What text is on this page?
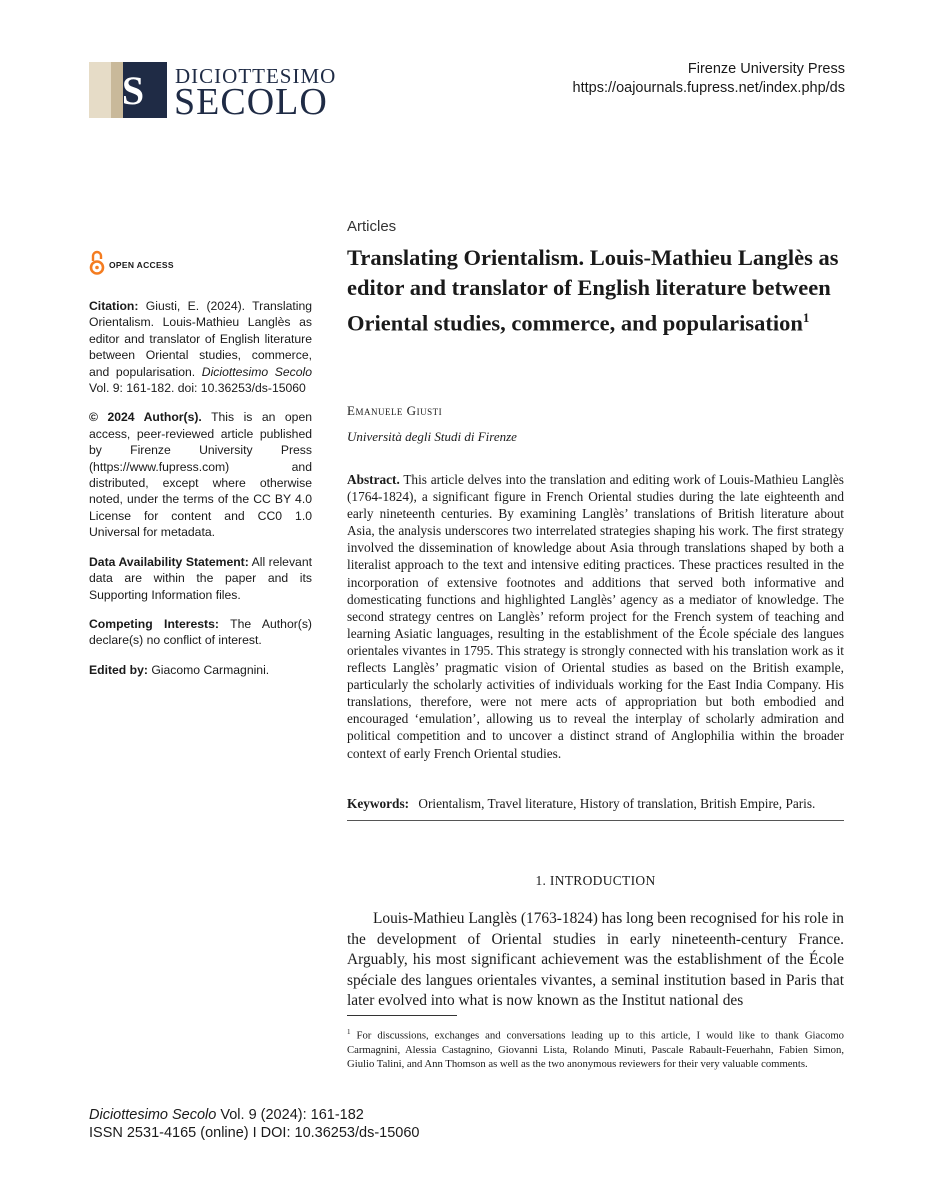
S DICIOTTESIMO
SECOLO
Firenze University Press
https://oajournals.fupress.net/index.php/ds
OPEN ACCESS

Citation: Giusti, E. (2024). Translating Orientalism. Louis-Mathieu Langlès as editor and translator of English literature between Oriental studies, commerce, and popularisation. Diciottesimo Secolo Vol. 9: 161-182. doi: 10.36253/ds-15060

© 2024 Author(s). This is an open access, peer-reviewed article published by Firenze University Press (https://www.fupress.com) and distributed, except where otherwise noted, under the terms of the CC BY 4.0 License for content and CC0 1.0 Universal for metadata.

Data Availability Statement: All relevant data are within the paper and its Supporting Information files.

Competing Interests: The Author(s) declare(s) no conflict of interest.

Edited by: Giacomo Carmagnini.

Articles
Translating Orientalism. Louis-Mathieu Langlès as editor and translator of English literature between Oriental studies, commerce, and popularisation$^1$
Emanuele Giusti
Università degli Studi di Firenze

Abstract. This article delves into the translation and editing work of Louis-Mathieu Langlès (1764-1824), a significant figure in French Oriental studies during the late eighteenth and early nineteenth centuries. By examining Langlès’ translations of British literature about Asia, the analysis underscores two interrelated strategies shaping his work. The first strategy involved the dissemination of knowledge about Asia through translations shaped by both a literalist approach to the text and intensive editing practices. These practices resulted in the incorporation of extensive footnotes and additions that served both informative and domesticating functions and highlighted Langlès’ agency as a mediator of knowledge. The second strategy centres on Langlès’ reform project for the French system of teaching and learning Asiatic languages, resulting in the establishment of the École spéciale des langues orientales vivantes in 1795. This strategy is strongly connected with his translation work as it reflects Langlès’ pragmatic vision of Oriental studies as based on the British example, particularly the scholarly activities of individuals working for the East India Company. His translations, therefore, were not mere acts of appropriation but both embodied and encouraged ‘emulation’, allowing us to reveal the interplay of scholarly admiration and political competition and to uncover a distinct strand of Anglophilia within the broader context of early French Oriental studies.

Keywords: Orientalism, Travel literature, History of translation, British Empire, Paris.
1. INTRODUCTION

Louis-Mathieu Langlès (1763-1824) has long been recognised for his role in the development of Oriental studies in early nineteenth-century France. Arguably, his most significant achievement was the establishment of the École spéciale des langues orientales vivantes, a seminal institution based in Paris that later evolved into what is now known as the Institut national des

$^1$ For discussions, exchanges and conversations leading up to this article, I would like to thank Giacomo Carmagnini, Alessia Castagnino, Giovanni Lista, Rolando Minuti, Pascale Rabault-Feuerhahn, Fabien Simon, Giulio Talini, and Ann Thomson as well as the two anonymous reviewers for their very valuable comments.

Diciottesimo Secolo Vol. 9 (2024): 161-182
ISSN 2531-4165 (online) I DOI: 10.36253/ds-15060
